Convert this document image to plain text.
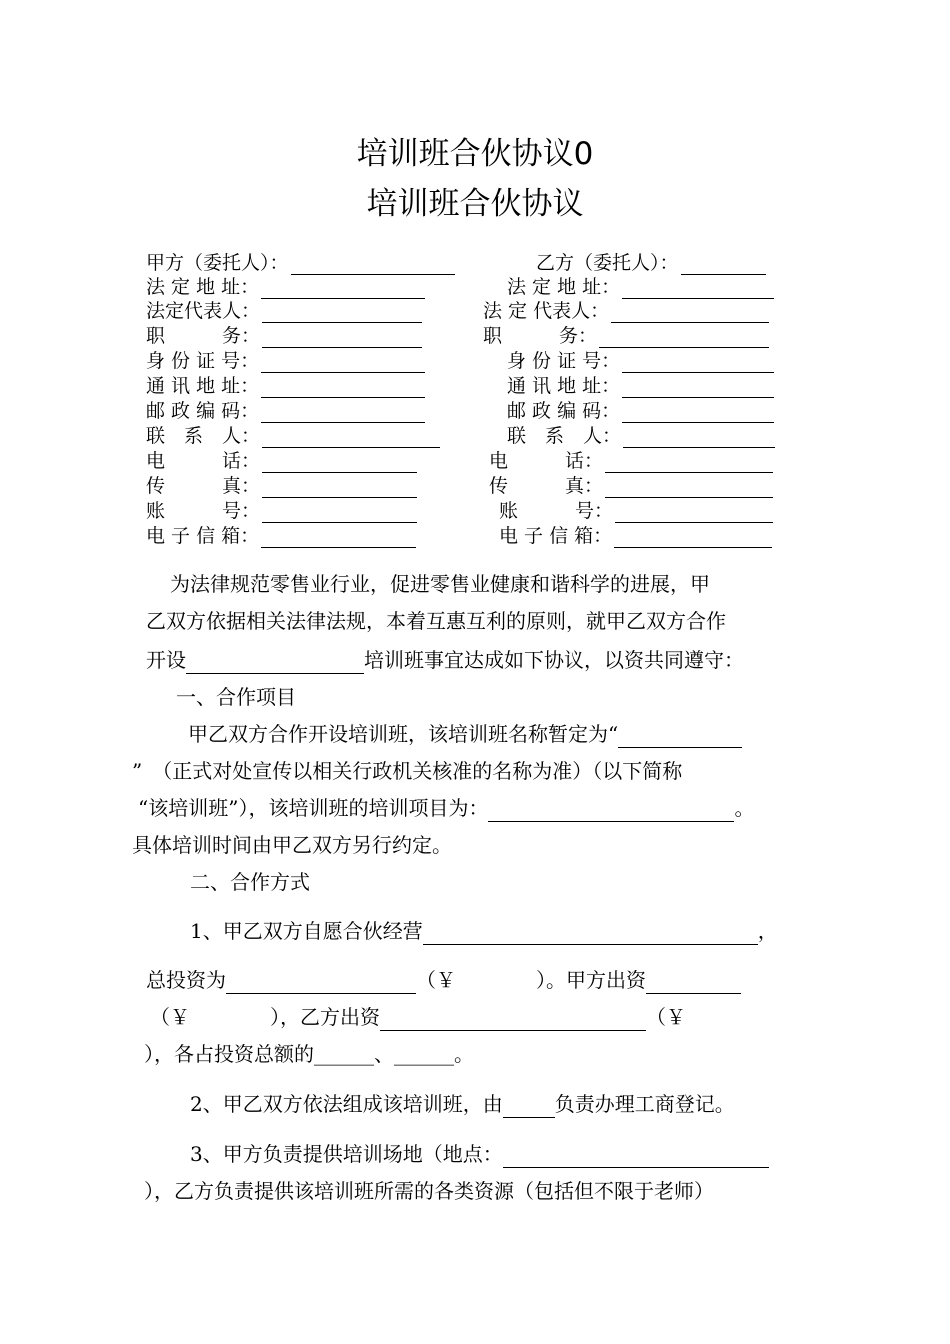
培训班合伙协议0
培训班合伙协议
甲方（委托人）：
法 定 地 址：
法定代表人：
职　　　务：
身 份 证 号：
通 讯 地 址：
邮 政 编 码：
联　系　人：
电　　　话：
传　　　真：
账　　　号：
电 子 信 箱：
乙方（委托人）：
法 定 地 址：
法 定 代表人：
职　　　务：
身 份 证 号：
通 讯 地 址：
邮 政 编 码：
联　系　人：
电　　　话：
传　　　真：
账　　　号：
电 子 信 箱：
为法律规范零售业行业，促进零售业健康和谐科学的进展，甲
乙双方依据相关法律法规，本着互惠互利的原则，就甲乙双方合作
开设	培训班事宜达成如下协议，以资共同遵守：
一、合作项目
甲乙双方合作开设培训班，该培训班名称暂定为“
”　（正式对处宣传以相关行政机关核准的名称为准）（以下简称
“该培训班”），该培训班的培训项目为：	。
具体培训时间由甲乙双方另行约定。
二、合作方式
1、甲乙双方自愿合伙经营	，
总投资为	（￥　　　　）。甲方出资
（￥　　　　），乙方出资	（￥
），各占投资总额的______、______。
2、甲乙双方依法组成该培训班，由	负责办理工商登记。
3、甲方负责提供培训场地（地点：
），乙方负责提供该培训班所需的各类资源（包括但不限于老师）
